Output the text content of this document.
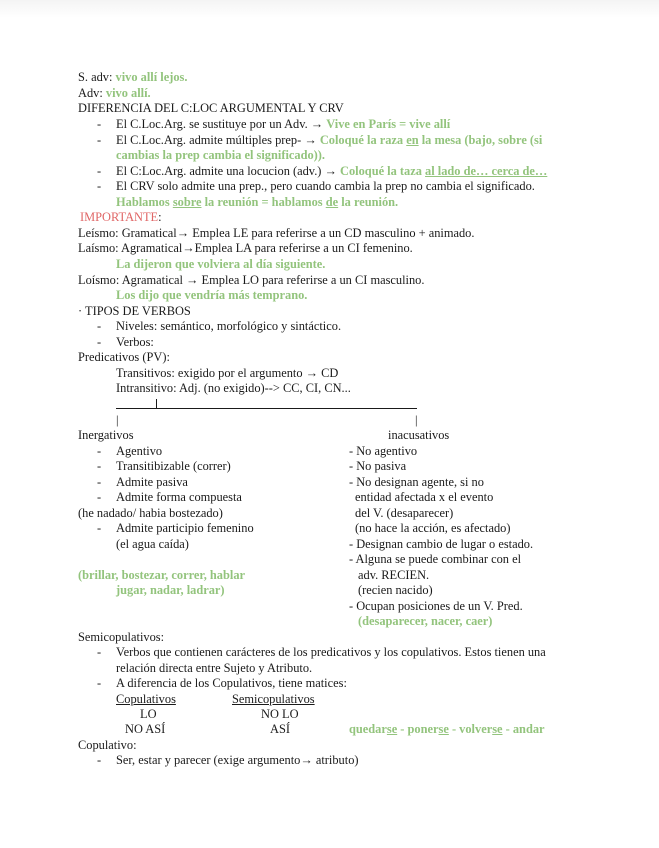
S. adv: vivo allí lejos.
Adv: vivo allí.
DIFERENCIA DEL C:LOC ARGUMENTAL Y CRV
- El C.Loc.Arg. se sustituye por un Adv. → Vive en París = vive allí
- El C.Loc.Arg. admite múltiples prep- → Coloqué la raza en la mesa (bajo, sobre (si
cambias la prep cambia el significado)).
- El C:Loc.Arg. admite una locucion (adv.) → Coloqué la taza al lado de… cerca de…
- El CRV solo admite una prep., pero cuando cambia la prep no cambia el significado.
Hablamos sobre la reunión = hablamos de la reunión.
IMPORTANTE:
Leísmo: Gramatical→ Emplea LE para referirse a un CD masculino + animado.
Laísmo: Agramatical→Emplea LA para referirse a un CI femenino.
La dijeron que volviera al día siguiente.
Loísmo: Agramatical → Emplea LO para referirse a un CI masculino.
Los dijo que vendría más temprano.
· TIPOS DE VERBOS
- Niveles: semántico, morfológico y sintáctico.
- Verbos:
Predicativos (PV):
Transitivos: exigido por el argumento → CD
Intransitivo: Adj. (no exigido)--> CC, CI, CN...
|	|
Inergativos
- Agentivo
- Transitibizable (correr)
- Admite pasiva
- Admite forma compuesta
(he nadado/ habia bostezado)
- Admite participio femenino
(el agua caída)
(brillar, bostezar, correr, hablar
jugar, nadar, ladrar)
inacusativos
- No agentivo
- No pasiva
- No designan agente, si no
entidad afectada x el evento
del V. (desaparecer)
(no hace la acción, es afectado)
- Designan cambio de lugar o estado.
- Alguna se puede combinar con el
adv. RECIEN.
(recien nacido)
- Ocupan posiciones de un V. Pred.
(desaparecer, nacer, caer)
Semicopulativos:
- Verbos que contienen carácteres de los predicativos y los copulativos. Estos tienen una
relación directa entre Sujeto y Atributo.
- A diferencia de los Copulativos, tiene matices:
Copulativos	Semicopulativos
LO	NO LO
NO ASÍ	ASÍ	quedarse - ponerse - volverse - andar
Copulativo:
- Ser, estar y parecer (exige argumento→ atributo)
